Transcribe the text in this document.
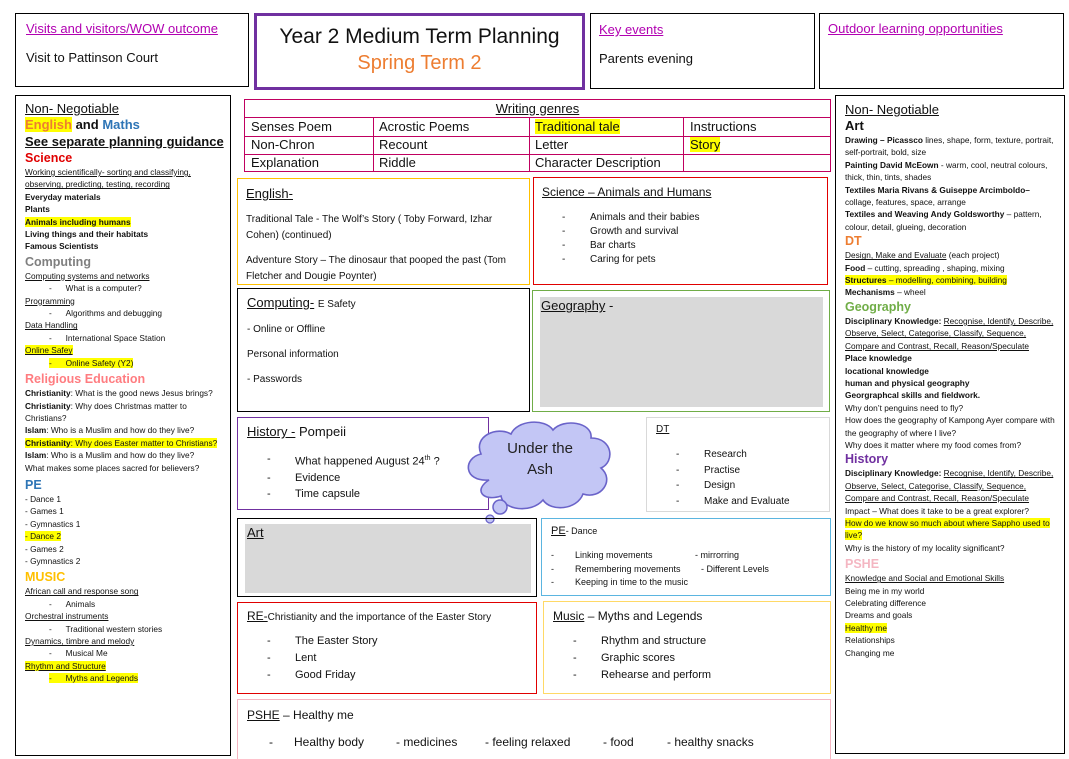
Visits and visitors/WOW outcome
Visit to Pattinson Court
Year 2 Medium Term Planning
Spring Term 2
Key events
Parents evening
Outdoor learning opportunities
Non- Negotiable
English and Maths
See separate planning guidance
Science
Working scientifically- sorting and classifying, observing, predicting, testing, recording
Everyday materials
Plants
Animals including humans
Living things and their habitats
Famous Scientists
Computing
Computing systems and networks
-      What is a computer?
Programming
-      Algorithms and debugging
Data Handling
-      International Space Station
Online Safey
-      Online Safety (Y2)
Religious Education
Christianity: What is the good news Jesus brings?
Christianity: Why does Christmas matter to Christians?
Islam: Who is a Muslim and how do they live?
Christianity: Why does Easter matter to Christians?
Islam: Who is a Muslim and how do they live?
What makes some places sacred for believers?
PE
- Dance 1
- Games 1
- Gymnastics 1
- Dance 2
- Games 2
- Gymnastics 2
MUSIC
African call and response song
-      Animals
Orchestral instruments
-      Traditional western stories
Dynamics, timbre and melody
-      Musical Me
Rhythm and Structure
-      Myths and Legends
Writing genres
Senses Poem	Acrostic Poems	Traditional tale	Instructions
Non-Chron	Recount	Letter	Story
Explanation	Riddle	Character Description
English-
Traditional Tale - The Wolf’s Story ( Toby Forward, Izhar Cohen) (continued)
Adventure Story – The dinosaur that pooped the past (Tom Fletcher and Dougie Poynter)
Science – Animals and Humans
- Animals and their babies
- Growth and survival
- Bar charts
- Caring for pets
Computing- E Safety
- Online or Offline
Personal information
- Passwords
Geography -
History - Pompeii
- What happened August 24th ?
- Evidence
- Time capsule
DT
- Research
- Practise
- Design
- Make and Evaluate
Under the
Ash
Art	PE- Dance
- Linking movements	- mirrorring

- Remembering movements - Different Levels

- Keeping in time to the music

RE-Christianity and the importance of the Easter Story
- The Easter Story
- Lent
- Good Friday
Music – Myths and Legends
- Rhythm and structure
- Graphic scores
- Rehearse and perform
PSHE – Healthy me
- Healthy body	- medicines - feeling relaxed	- food	- healthy snacks
Non- Negotiable
Art
Drawing – Picassco lines, shape, form, texture, portrait, self-portrait, bold, size
Painting David McEown - warm, cool, neutral colours, thick, thin, tints, shades
Textiles Maria Rivans & Guiseppe Arcimboldo– collage, features, space, arrange
Textiles and Weaving Andy Goldsworthy – pattern, colour, detail, glueing, decoration
DT
Design, Make and Evaluate (each project)
Food – cutting, spreading , shaping, mixing
Structures – modelling, combining, building
Mechanisms – wheel
Geography
Disciplinary Knowledge: Recognise, Identify, Describe, Observe, Select, Categorise, Classify, Sequence, Compare and Contrast, Recall, Reason/Speculate
Place knowledge
locational knowledge
human and physical geography
Georgraphcal skills and fieldwork.
Why don’t penguins need to fly?
How does the geography of Kampong Ayer compare with the geography of where I live?
Why does it matter where my food comes from?
History
Disciplinary Knowledge: Recognise, Identify, Describe, Observe, Select, Categorise, Classify, Sequence, Compare and Contrast, Recall, Reason/Speculate
Impact – What does it take to be a great explorer?
How do we know so much about where Sappho used to live?
Why is the history of my locality significant?
PSHE
Knowledge and Social and Emotional Skills
Being me in my world
Celebrating difference
Dreams and goals
Healthy me
Relationships
Changing me
